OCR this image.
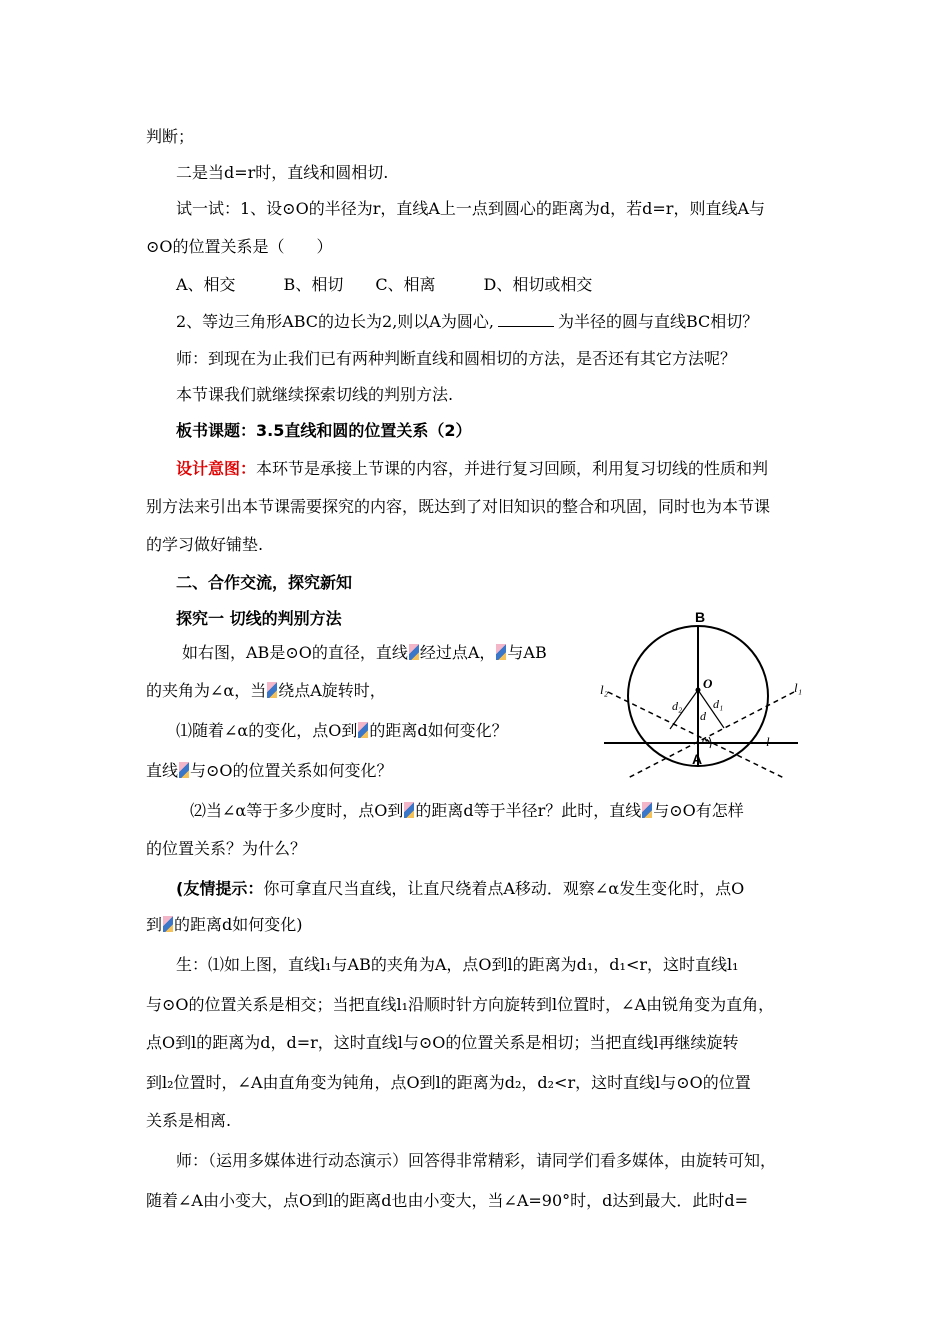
判断；
二是当d=r时，直线和圆相切.
试一试：1、设⊙O的半径为r，直线A上一点到圆心的距离为d，若d=r，则直线A与
⊙O的位置关系是（　　）
A、相交　　　B、相切　　C、相离　　　D、相切或相交
2、等边三角形ABC的边长为2,则以A为圆心,	为半径的圆与直线BC相切？
师：到现在为止我们已有两种判断直线和圆相切的方法，是否还有其它方法呢？
本节课我们就继续探索切线的判别方法.
板书课题：3.5直线和圆的位置关系（2）
设计意图：本环节是承接上节课的内容，并进行复习回顾，利用复习切线的性质和判
别方法来引出本节课需要探究的内容，既达到了对旧知识的整合和巩固，同时也为本节课
的学习做好铺垫.
二、合作交流，探究新知
探究一 切线的判别方法
如右图，AB是⊙O的直径，直线 经过点A， 与AB
的夹角为∠α，当 绕点A旋转时，
⑴随着∠α的变化，点O到 的距离d如何变化？
直线 与⊙O的位置关系如何变化？
⑵当∠α等于多少度时，点O到 的距离d等于半径r？此时，直线 与⊙O有怎样
的位置关系？为什么？
(友情提示：你可拿直尺当直线，让直尺绕着点A移动．观察∠α发生变化时，点O
到 的距离d如何变化)
生：⑴如上图，直线l₁与AB的夹角为A，点O到l的距离为d₁，d₁<r，这时直线l₁
与⊙O的位置关系是相交；当把直线l₁沿顺时针方向旋转到l位置时，∠A由锐角变为直角，
点O到l的距离为d，d=r，这时直线l与⊙O的位置关系是相切；当把直线l再继续旋转
到l₂位置时，∠A由直角变为钝角，点O到l的距离为d₂，d₂<r，这时直线l与⊙O的位置
关系是相离.
师：（运用多媒体进行动态演示）回答得非常精彩，请同学们看多媒体，由旋转可知，
随着∠A由小变大，点O到l的距离d也由小变大，当∠A=90°时，d达到最大．此时d=
B
O
A
l
l₁
l₂
d
d₁
d₂
α
